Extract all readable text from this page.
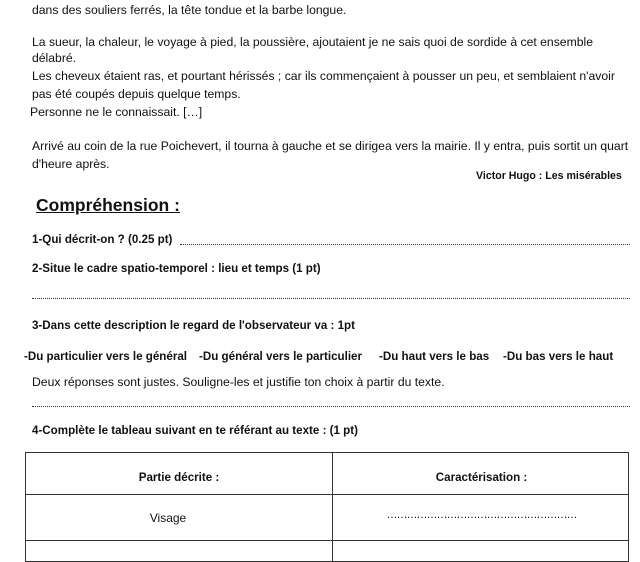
dans des souliers ferrés, la tête tondue et la barbe longue.
La sueur, la chaleur, le voyage à pied, la poussière, ajoutaient je ne sais quoi de sordide à cet ensemble
délabré.
Les cheveux étaient ras, et pourtant hérissés ; car ils commençaient à pousser un peu, et semblaient n'avoir
pas été coupés depuis quelque temps.
Personne ne le connaissait. […]
Arrivé au coin de la rue Poichevert, il tourna à gauche et se dirigea vers la mairie. Il y entra, puis sortit un quart
d'heure après.
Victor Hugo : Les misérables
Compréhension :
1-Qui décrit-on ? (0.25 pt)
2-Situe le cadre spatio-temporel : lieu et temps (1 pt)
3-Dans cette description le regard de l'observateur va : 1pt
-Du particulier vers le général -Du général vers le particulier -Du haut vers le bas -Du bas vers le haut
Deux réponses sont justes. Souligne-les et justifie ton choix à partir du texte.
4-Complète le tableau suivant en te référant au texte : (1 pt)
Partie décrite :	Caractérisation :
Visage	…………………………………………………
